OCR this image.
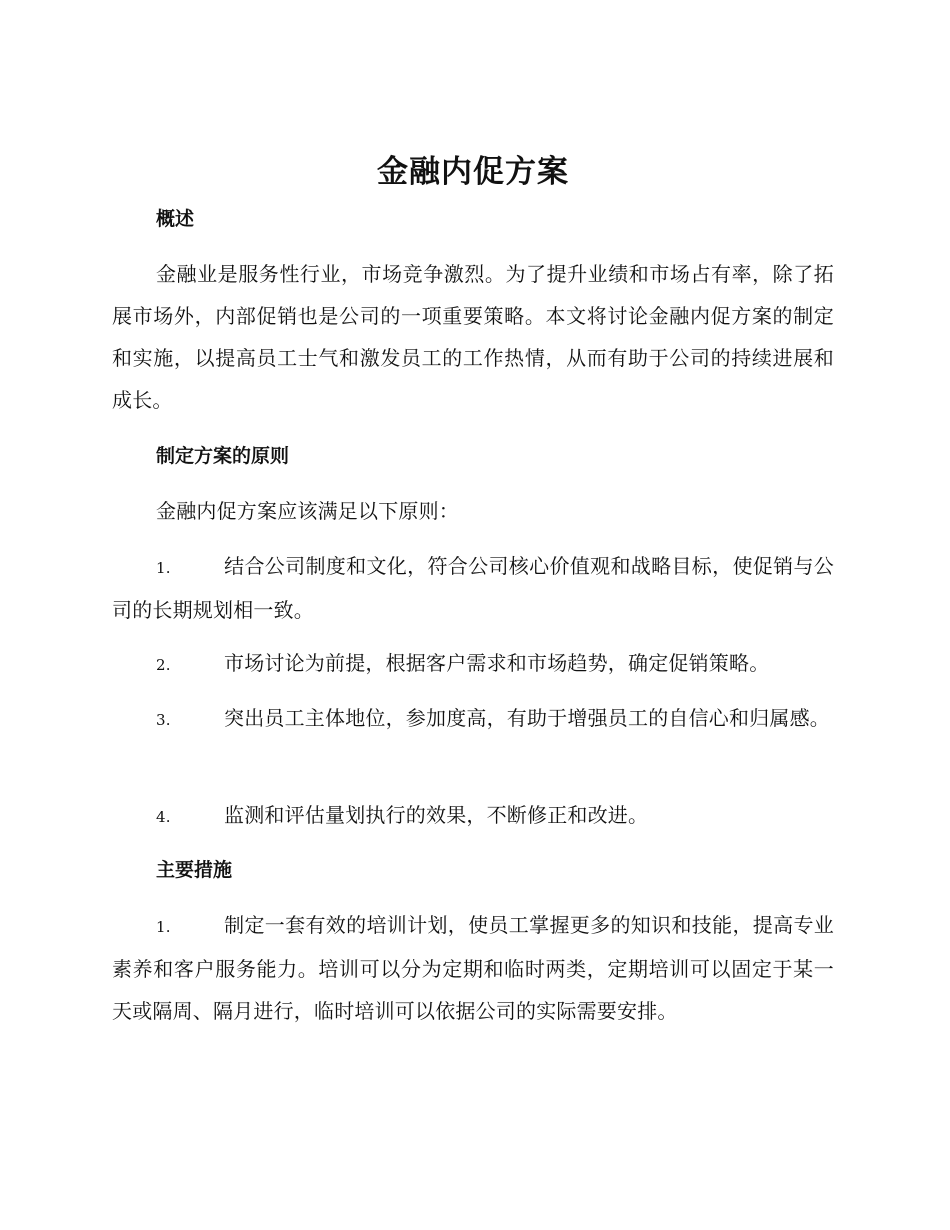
金融内促方案
概述

金融业是服务性行业，市场竞争激烈。为了提升业绩和市场占有率，除了拓展市场外，内部促销也是公司的一项重要策略。本文将讨论金融内促方案的制定和实施，以提高员工士气和激发员工的工作热情，从而有助于公司的持续进展和成长。

制定方案的原则

金融内促方案应该满足以下原则：

1.	结合公司制度和文化，符合公司核心价值观和战略目标，使促销与公司的长期规划相一致。
2.	市场讨论为前提，根据客户需求和市场趋势，确定促销策略。
3.	突出员工主体地位，参加度高，有助于增强员工的自信心和归属感。
4.	监测和评估量划执行的效果，不断修正和改进。
主要措施
1.	制定一套有效的培训计划，使员工掌握更多的知识和技能，提高专业素养和客户服务能力。培训可以分为定期和临时两类，定期培训可以固定于某一天或隔周、隔月进行，临时培训可以依据公司的实际需要安排。
